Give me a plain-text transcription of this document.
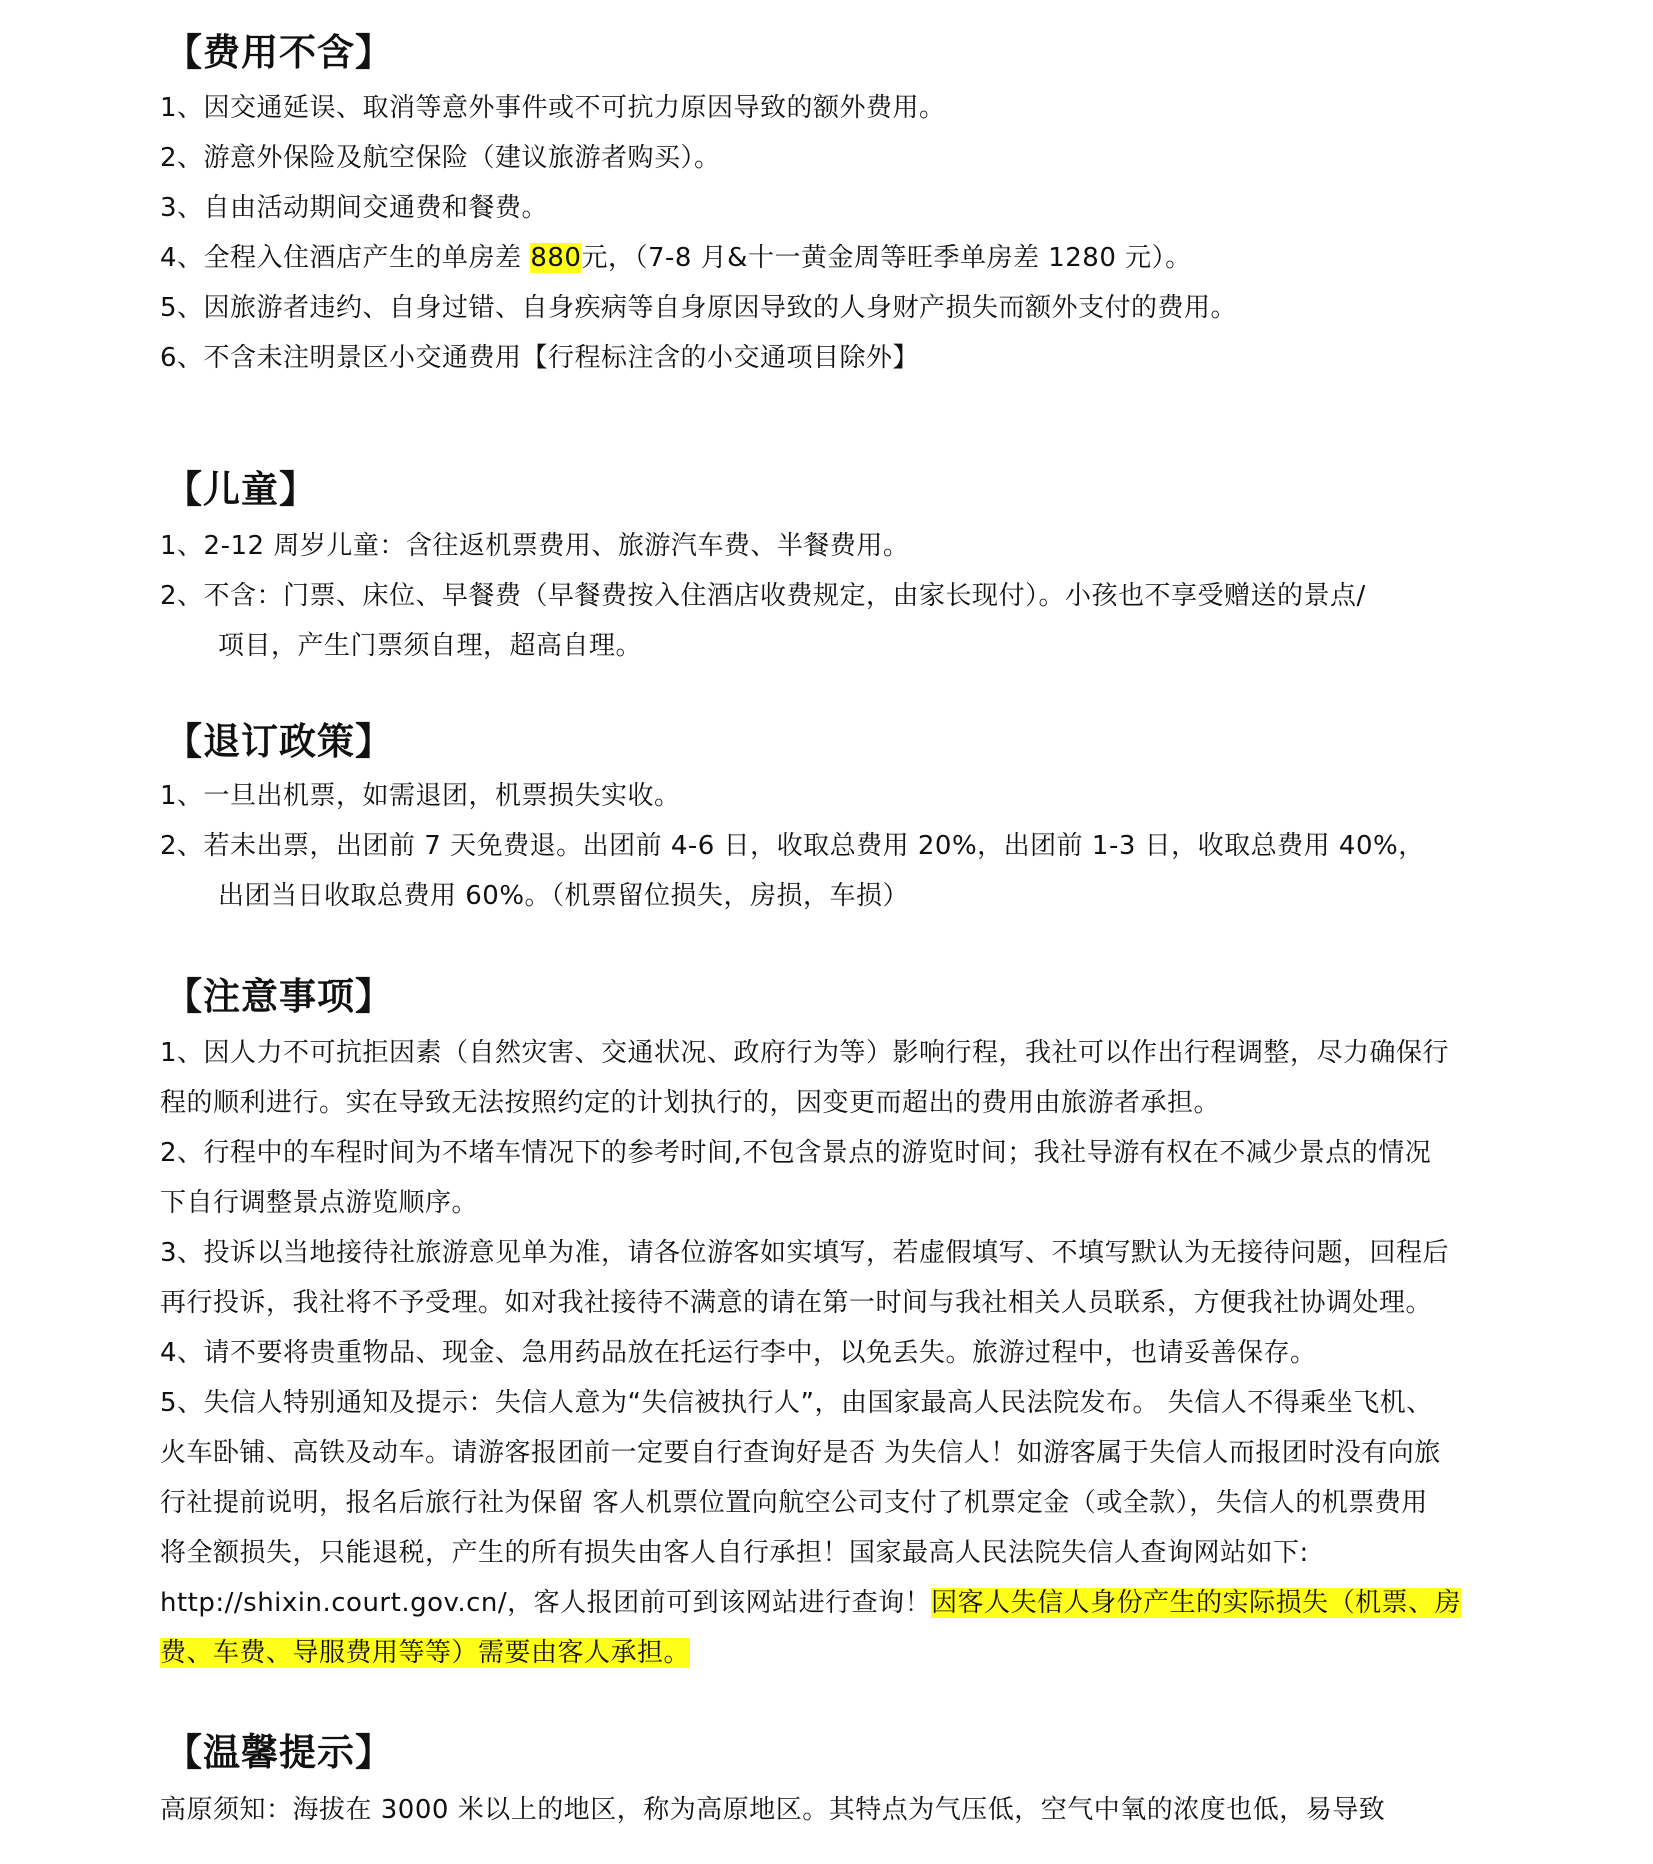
【费用不含】
1、因交通延误、取消等意外事件或不可抗力原因导致的额外费用。
2、游意外保险及航空保险（建议旅游者购买）。
3、自由活动期间交通费和餐费。
4、全程入住酒店产生的单房差 880元，（7-8 月&十一黄金周等旺季单房差 1280 元）。
5、因旅游者违约、自身过错、自身疾病等自身原因导致的人身财产损失而额外支付的费用。
6、不含未注明景区小交通费用【行程标注含的小交通项目除外】
【儿童】
1、2-12 周岁儿童：含往返机票费用、旅游汽车费、半餐费用。
2、不含：门票、床位、早餐费（早餐费按入住酒店收费规定，由家长现付）。小孩也不享受赠送的景点/
项目，产生门票须自理，超高自理。
【退订政策】
1、一旦出机票，如需退团，机票损失实收。
2、若未出票，出团前 7 天免费退。出团前 4-6 日，收取总费用 20%，出团前 1-3 日，收取总费用 40%，
出团当日收取总费用 60%。（机票留位损失，房损，车损）
【注意事项】
1、因人力不可抗拒因素（自然灾害、交通状况、政府行为等）影响行程，我社可以作出行程调整，尽力确保行
程的顺利进行。实在导致无法按照约定的计划执行的，因变更而超出的费用由旅游者承担。
2、行程中的车程时间为不堵车情况下的参考时间,不包含景点的游览时间；我社导游有权在不减少景点的情况
下自行调整景点游览顺序。
3、投诉以当地接待社旅游意见单为准，请各位游客如实填写，若虚假填写、不填写默认为无接待问题，回程后
再行投诉，我社将不予受理。如对我社接待不满意的请在第一时间与我社相关人员联系，方便我社协调处理。
4、请不要将贵重物品、现金、急用药品放在托运行李中，以免丢失。旅游过程中，也请妥善保存。
5、失信人特别通知及提示：失信人意为“失信被执行人”，由国家最高人民法院发布。 失信人不得乘坐飞机、
火车卧铺、高铁及动车。请游客报团前一定要自行查询好是否 为失信人！如游客属于失信人而报团时没有向旅
行社提前说明，报名后旅行社为保留 客人机票位置向航空公司支付了机票定金（或全款），失信人的机票费用
将全额损失，只能退税，产生的所有损失由客人自行承担！国家最高人民法院失信人查询网站如下:
http://shixin.court.gov.cn/，客人报团前可到该网站进行查询！因客人失信人身份产生的实际损失（机票、房
费、车费、导服费用等等）需要由客人承担。
【温馨提示】
高原须知：海拔在 3000 米以上的地区，称为高原地区。其特点为气压低，空气中氧的浓度也低，易导致
